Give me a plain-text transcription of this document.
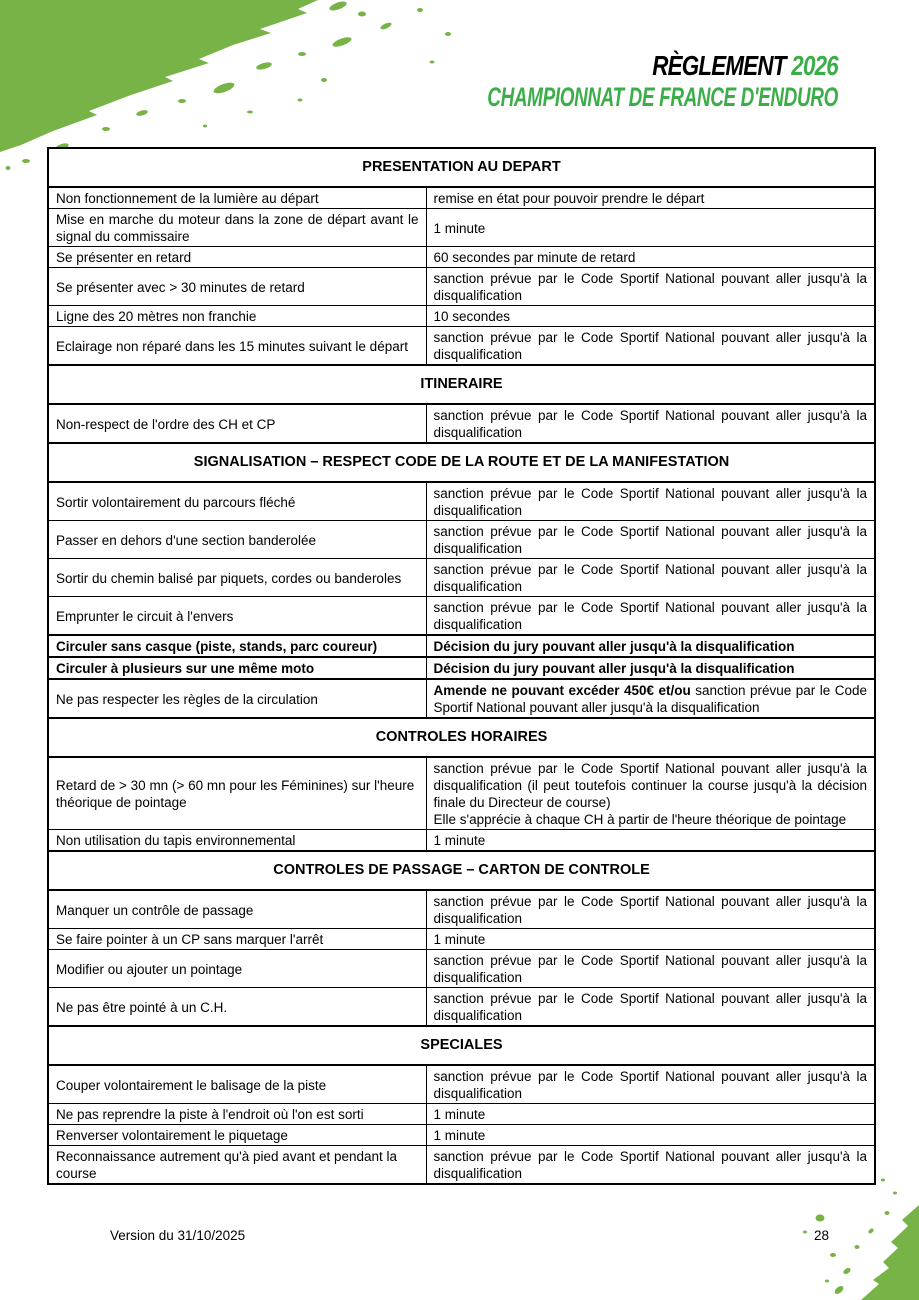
RÈGLEMENT 2026
CHAMPIONNAT DE FRANCE D'ENDURO
PRESENTATION AU DEPART	
Non fonctionnement de la lumière au départ	remise en état pour pouvoir prendre le départ
Mise en marche du moteur dans la zone de départ avant le signal du commissaire	1 minute
Se présenter en retard	60 secondes par minute de retard
Se présenter avec > 30 minutes de retard	sanction prévue par le Code Sportif National pouvant aller jusqu'à la disqualification
Ligne des 20 mètres non franchie	10 secondes
Eclairage non réparé dans les 15 minutes suivant le départ	sanction prévue par le Code Sportif National pouvant aller jusqu'à la disqualification
ITINERAIRE	
Non-respect de l'ordre des CH et CP	sanction prévue par le Code Sportif National pouvant aller jusqu'à la disqualification
SIGNALISATION – RESPECT CODE DE LA ROUTE ET DE LA MANIFESTATION	
Sortir volontairement du parcours fléché	sanction prévue par le Code Sportif National pouvant aller jusqu'à la disqualification
Passer en dehors d'une section banderolée	sanction prévue par le Code Sportif National pouvant aller jusqu'à la disqualification
Sortir du chemin balisé par piquets, cordes ou banderoles	sanction prévue par le Code Sportif National pouvant aller jusqu'à la disqualification
Emprunter le circuit à l'envers	sanction prévue par le Code Sportif National pouvant aller jusqu'à la disqualification
Circuler sans casque (piste, stands, parc coureur)	Décision du jury pouvant aller jusqu'à la disqualification
Circuler à plusieurs sur une même moto	Décision du jury pouvant aller jusqu'à la disqualification
Ne pas respecter les règles de la circulation	Amende ne pouvant excéder 450€ et/ou sanction prévue par le Code Sportif National pouvant aller jusqu'à la disqualification
CONTROLES HORAIRES	
Retard de > 30 mn (> 60 mn pour les Féminines) sur l'heure théorique de pointage	sanction prévue par le Code Sportif National pouvant aller jusqu'à la disqualification (il peut toutefois continuer la course jusqu'à la décision finale du Directeur de course)
Elle s'apprécie à chaque CH à partir de l'heure théorique de pointage

Non utilisation du tapis environnemental	1 minute
CONTROLES DE PASSAGE – CARTON DE CONTROLE	
Manquer un contrôle de passage	sanction prévue par le Code Sportif National pouvant aller jusqu'à la disqualification
Se faire pointer à un CP sans marquer l'arrêt	1 minute
Modifier ou ajouter un pointage	sanction prévue par le Code Sportif National pouvant aller jusqu'à la disqualification
Ne pas être pointé à un C.H.	sanction prévue par le Code Sportif National pouvant aller jusqu'à la disqualification
SPECIALES	
Couper volontairement le balisage de la piste	sanction prévue par le Code Sportif National pouvant aller jusqu'à la disqualification
Ne pas reprendre la piste à l'endroit où l'on est sorti	1 minute
Renverser volontairement le piquetage	1 minute
Reconnaissance autrement qu'à pied avant et pendant la course	sanction prévue par le Code Sportif National pouvant aller jusqu'à la disqualification
Version du 31/10/2025	28
